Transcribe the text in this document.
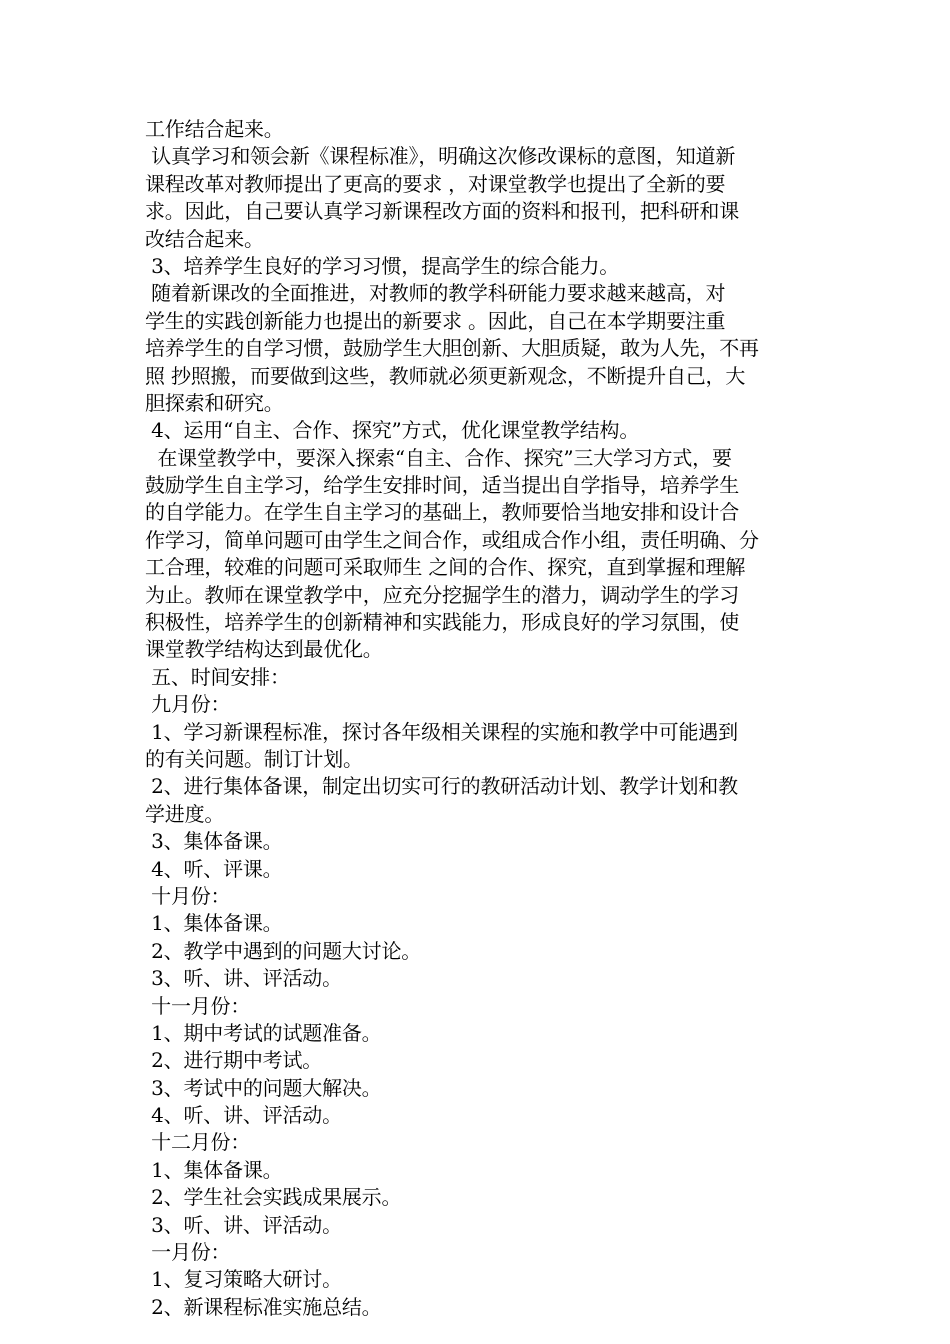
工作结合起来。
认真学习和领会新《课程标准》，明确这次修改课标的意图，知道新
课程改革对教师提出了更高的要求 ，对课堂教学也提出了全新的要
求。因此，自己要认真学习新课程改方面的资料和报刊，把科研和课
改结合起来。
3、培养学生良好的学习习惯，提高学生的综合能力。
随着新课改的全面推进，对教师的教学科研能力要求越来越高，对
学生的实践创新能力也提出的新要求 。因此，自己在本学期要注重
培养学生的自学习惯，鼓励学生大胆创新、大胆质疑，敢为人先，不再
照 抄照搬，而要做到这些，教师就必须更新观念，不断提升自己，大
胆探索和研究。
4、运用“自主、合作、探究”方式，优化课堂教学结构。
在课堂教学中，要深入探索“自主、合作、探究”三大学习方式，要
鼓励学生自主学习，给学生安排时间，适当提出自学指导，培养学生
的自学能力。在学生自主学习的基础上，教师要恰当地安排和设计合
作学习，简单问题可由学生之间合作，或组成合作小组，责任明确、分
工合理，较难的问题可采取师生 之间的合作、探究，直到掌握和理解
为止。教师在课堂教学中，应充分挖掘学生的潜力，调动学生的学习
积极性，培养学生的创新精神和实践能力，形成良好的学习氛围，使
课堂教学结构达到最优化。
五、时间安排：
九月份：
1、学习新课程标准，探讨各年级相关课程的实施和教学中可能遇到
的有关问题。制订计划。
2、进行集体备课，制定出切实可行的教研活动计划、教学计划和教
学进度。
3、集体备课。
4、听、评课。
十月份：
1、集体备课。
2、教学中遇到的问题大讨论。
3、听、讲、评活动。
十一月份：
1、期中考试的试题准备。
2、进行期中考试。
3、考试中的问题大解决。
4、听、讲、评活动。
十二月份：
1、集体备课。
2、学生社会实践成果展示。
3、听、讲、评活动。
一月份：
1、复习策略大研讨。
2、新课程标准实施总结。
